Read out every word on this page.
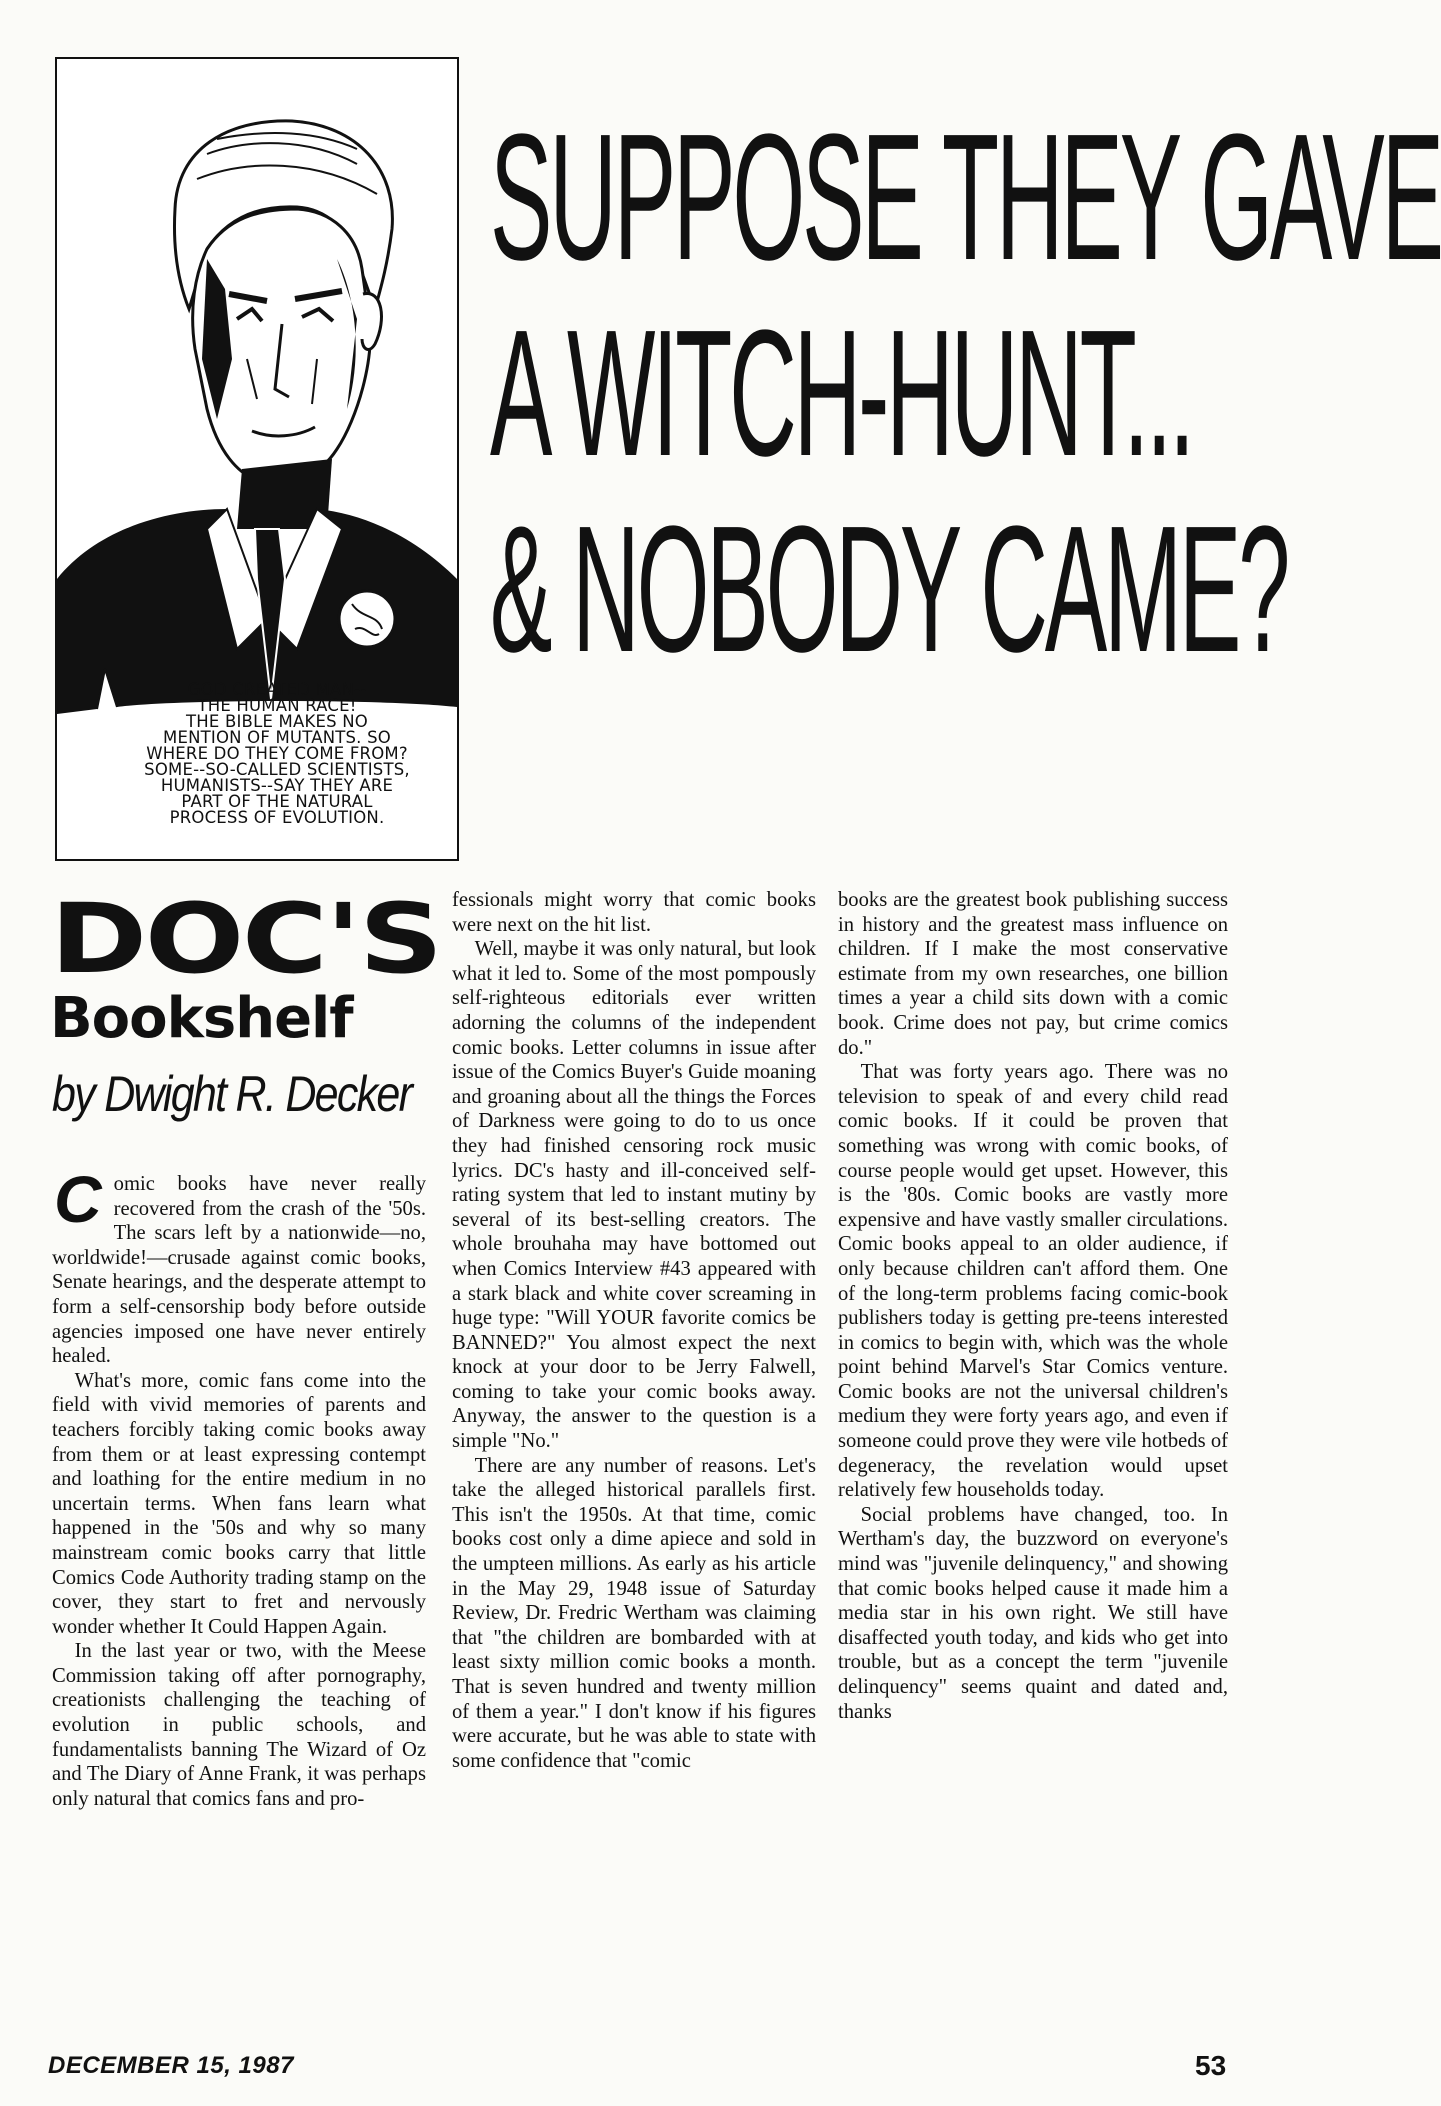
GOD CREATED MAN--
THE HUMAN RACE!
THE BIBLE MAKES NO
MENTION OF MUTANTS. SO
WHERE DO THEY COME FROM?
SOME--SO-CALLED SCIENTISTS,
HUMANISTS--SAY THEY ARE
PART OF THE NATURAL
PROCESS OF EVOLUTION.
SUPPOSE THEY GAVE
A WITCH-HUNT...
& NOBODY CAME?
DOC'S
Bookshelf
by Dwight R. Decker

Comic books have never really recovered from the crash of the '50s. The scars left by a nationwide—no, worldwide!—crusade against comic books, Senate hearings, and the desperate attempt to form a self-censorship body before outside agencies imposed one have never entirely healed.

What's more, comic fans come into the field with vivid memories of parents and teachers forcibly taking comic books away from them or at least expressing contempt and loathing for the entire medium in no uncertain terms. When fans learn what happened in the '50s and why so many mainstream comic books carry that little Comics Code Authority trading stamp on the cover, they start to fret and nervously wonder whether It Could Happen Again.

In the last year or two, with the Meese Commission taking off after pornography, creationists challenging the teaching of evolution in public schools, and fundamentalists banning The Wizard of Oz and The Diary of Anne Frank, it was perhaps only natural that comics fans and pro-

fessionals might worry that comic books were next on the hit list.

Well, maybe it was only natural, but look what it led to. Some of the most pompously self-righteous editorials ever written adorning the columns of the independent comic books. Letter columns in issue after issue of the Comics Buyer's Guide moaning and groaning about all the things the Forces of Darkness were going to do to us once they had finished censoring rock music lyrics. DC's hasty and ill-conceived self-rating system that led to instant mutiny by several of its best-selling creators. The whole brouhaha may have bottomed out when Comics Interview #43 appeared with a stark black and white cover screaming in huge type: "Will YOUR favorite comics be BANNED?" You almost expect the next knock at your door to be Jerry Falwell, coming to take your comic books away. Anyway, the answer to the question is a simple "No."

There are any number of reasons. Let's take the alleged historical parallels first. This isn't the 1950s. At that time, comic books cost only a dime apiece and sold in the umpteen millions. As early as his article in the May 29, 1948 issue of Saturday Review, Dr. Fredric Wertham was claiming that "the children are bombarded with at least sixty million comic books a month. That is seven hundred and twenty million of them a year." I don't know if his figures were accurate, but he was able to state with some confidence that "comic

books are the greatest book publishing success in history and the greatest mass influence on children. If I make the most conservative estimate from my own researches, one billion times a year a child sits down with a comic book. Crime does not pay, but crime comics do."

That was forty years ago. There was no television to speak of and every child read comic books. If it could be proven that something was wrong with comic books, of course people would get upset. However, this is the '80s. Comic books are vastly more expensive and have vastly smaller circulations. Comic books appeal to an older audience, if only because children can't afford them. One of the long-term problems facing comic-book publishers today is getting pre-teens interested in comics to begin with, which was the whole point behind Marvel's Star Comics venture. Comic books are not the universal children's medium they were forty years ago, and even if someone could prove they were vile hotbeds of degeneracy, the revelation would upset relatively few households today.

Social problems have changed, too. In Wertham's day, the buzzword on everyone's mind was "juvenile delinquency," and showing that comic books helped cause it made him a media star in his own right. We still have disaffected youth today, and kids who get into trouble, but as a concept the term "juvenile delinquency" seems quaint and dated and, thanks

DECEMBER 15, 1987	53
